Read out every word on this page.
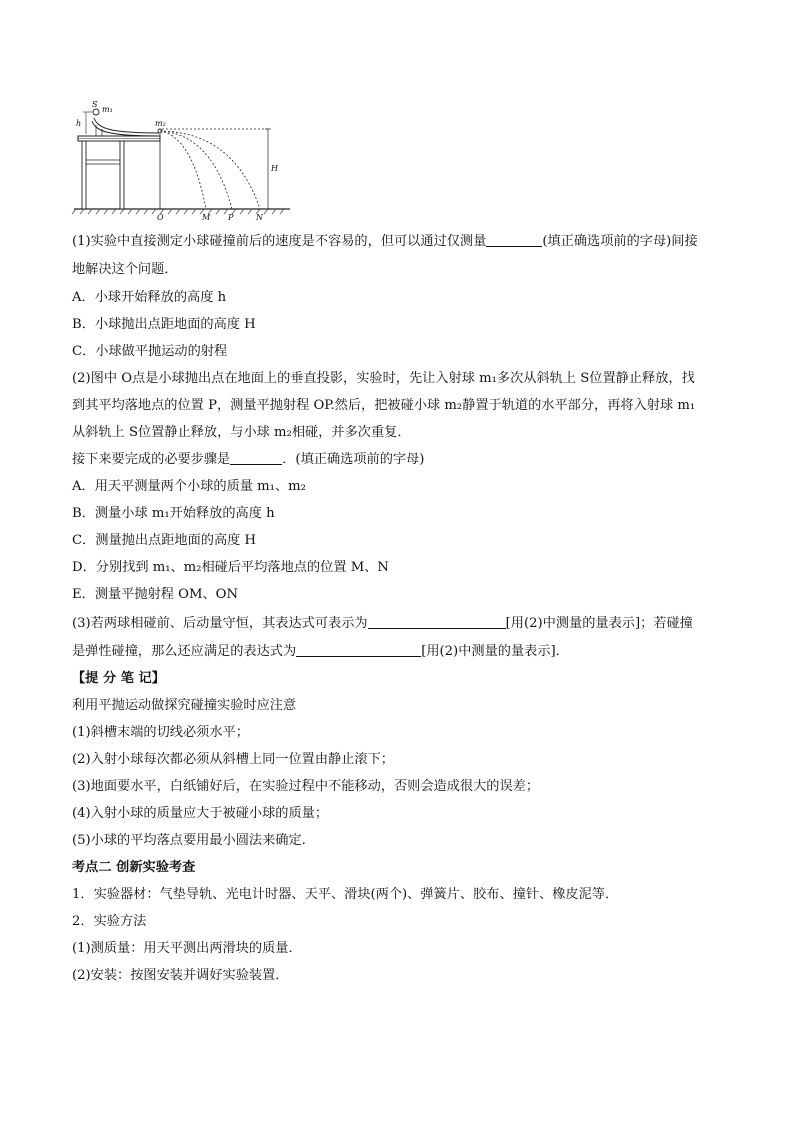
S
m₁
h	m₂
H
O	M P	N
(1)实验中直接测定小球碰撞前后的速度是不容易的，但可以通过仅测量	(填正确选项前的字母)间接
地解决这个问题．
A．小球开始释放的高度 h
B．小球抛出点距地面的高度 H
C．小球做平抛运动的射程
(2)图中 O点是小球抛出点在地面上的垂直投影，实验时，先让入射球 m₁多次从斜轨上 S位置静止释放，找
到其平均落地点的位置 P，测量平抛射程 OP.然后，把被碰小球 m₂静置于轨道的水平部分，再将入射球 m₁
从斜轨上 S位置静止释放，与小球 m₂相碰，并多次重复．
接下来要完成的必要步骤是	．(填正确选项前的字母)
A．用天平测量两个小球的质量 m₁、m₂
B．测量小球 m₁开始释放的高度 h
C．测量抛出点距地面的高度 H
D．分别找到 m₁、m₂相碰后平均落地点的位置 M、N
E．测量平抛射程 OM、ON
(3)若两球相碰前、后动量守恒，其表达式可表示为	[用(2)中测量的量表示]；若碰撞
是弹性碰撞，那么还应满足的表达式为	[用(2)中测量的量表示]．
【提 分 笔 记】
利用平抛运动做探究碰撞实验时应注意
(1)斜槽末端的切线必须水平；
(2)入射小球每次都必须从斜槽上同一位置由静止滚下；
(3)地面要水平，白纸铺好后，在实验过程中不能移动，否则会造成很大的误差；
(4)入射小球的质量应大于被碰小球的质量；
(5)小球的平均落点要用最小圆法来确定.
考点二 创新实验考查
1．实验器材：气垫导轨、光电计时器、天平、滑块(两个)、弹簧片、胶布、撞针、橡皮泥等．
2．实验方法
(1)测质量：用天平测出两滑块的质量．
(2)安装：按图安装并调好实验装置．
